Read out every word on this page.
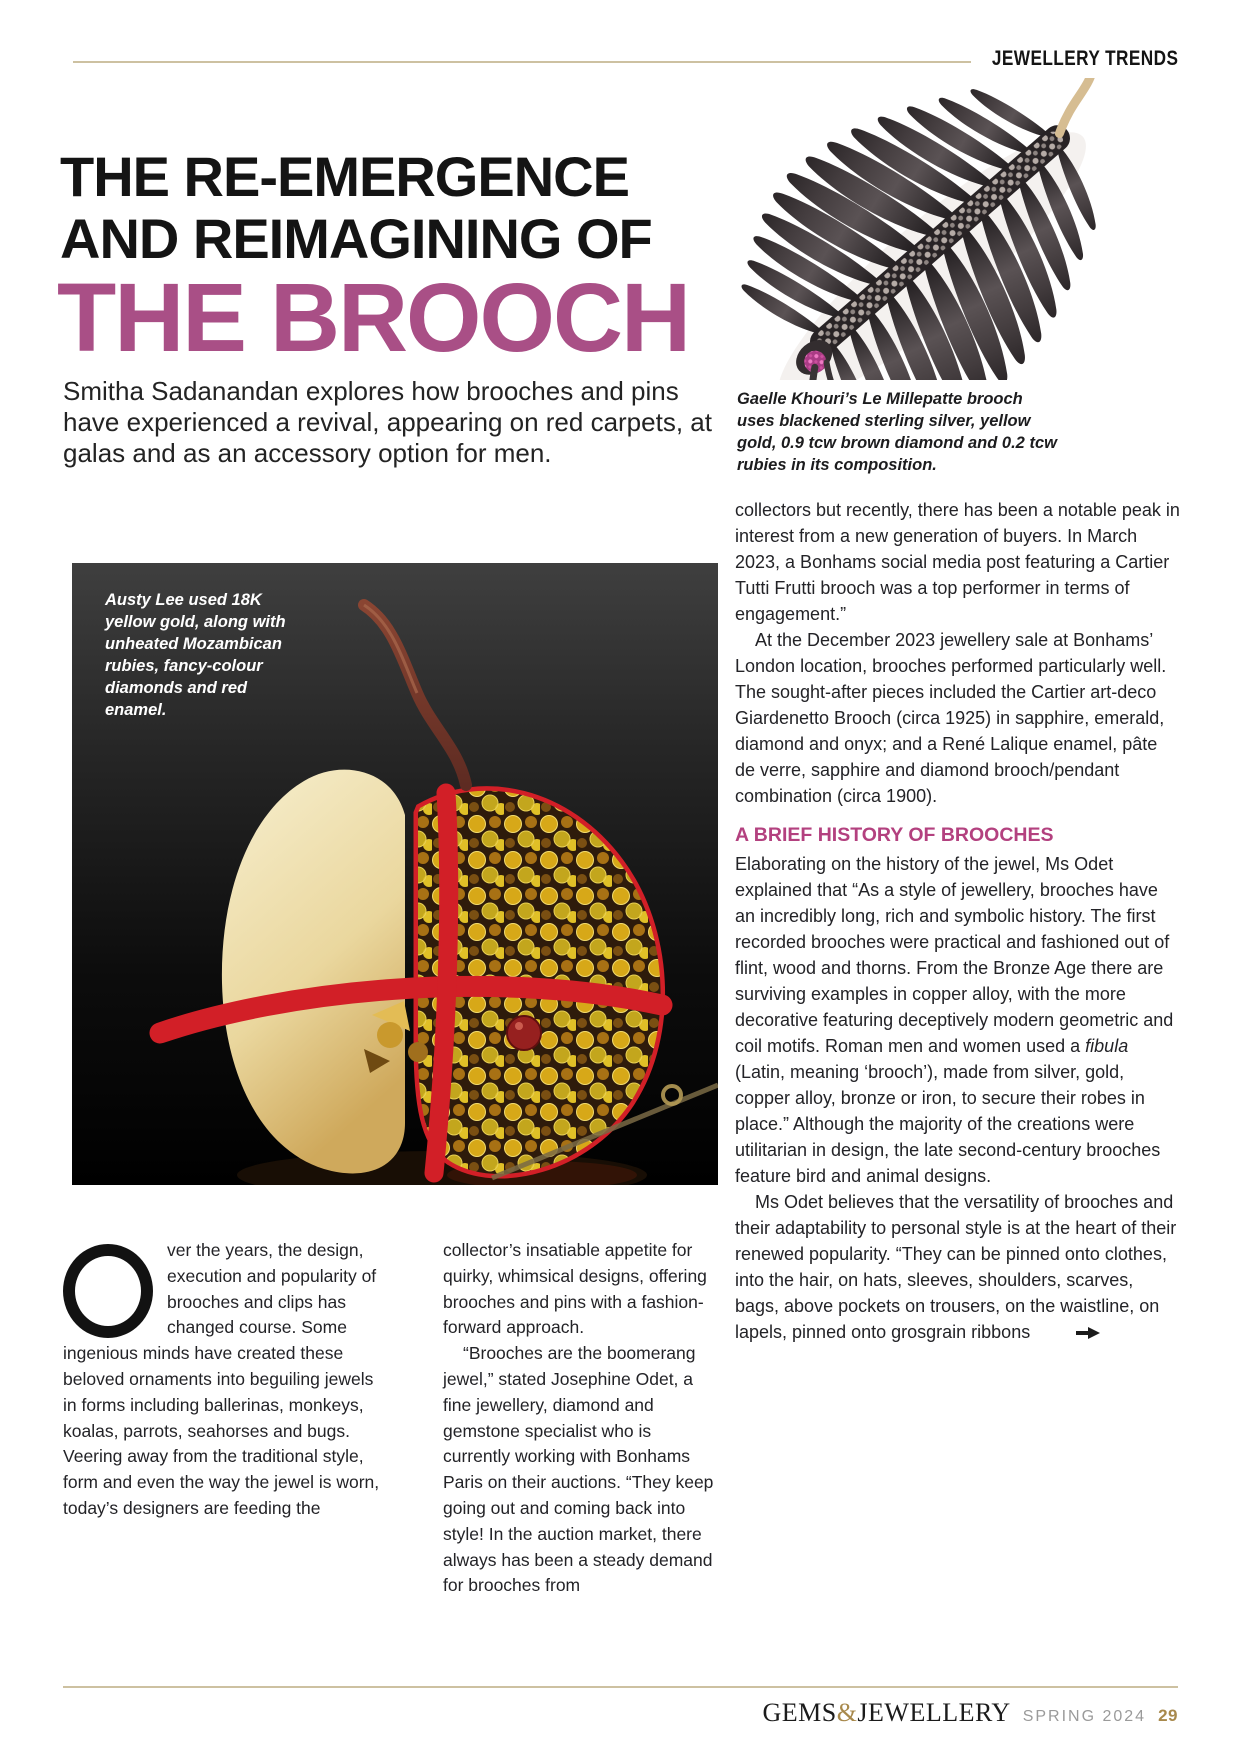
JEWELLERY TRENDS
THE RE-EMERGENCE
AND REIMAGINING OF
THE BROOCH

Smitha Sadanandan explores how brooches and pins have experienced a revival, appearing on red carpets, at galas and as an accessory option for men.

Gaelle Khouri’s Le Millepatte brooch uses blackened sterling silver, yellow gold, 0.9 tcw brown diamond and 0.2 tcw rubies in its composition.

Austy Lee used 18K yellow gold, along with unheated Mozambican rubies, fancy-colour diamonds and red enamel.

ver the years, the design, execution and popularity of brooches and clips has changed course. Some ingenious minds have created these beloved ornaments into beguiling jewels in forms including ballerinas, monkeys, koalas, parrots, seahorses and bugs. Veering away from the traditional style, form and even the way the jewel is worn, today’s designers are feeding the

collector’s insatiable appetite for quirky, whimsical designs, offering brooches and pins with a fashion-forward approach.

“Brooches are the boomerang jewel,” stated Josephine Odet, a fine jewellery, diamond and gemstone specialist who is currently working with Bonhams Paris on their auctions. “They keep going out and coming back into style! In the auction market, there always has been a steady demand for brooches from

collectors but recently, there has been a notable peak in interest from a new generation of buyers. In March 2023, a Bonhams social media post featuring a Cartier Tutti Frutti brooch was a top performer in terms of engagement.”

At the December 2023 jewellery sale at Bonhams’ London location, brooches performed particularly well. The sought-after pieces included the Cartier art-deco Giardenetto Brooch (circa 1925) in sapphire, emerald, diamond and onyx; and a René Lalique enamel, pâte de verre, sapphire and diamond brooch/pendant combination (circa 1900).

A BRIEF HISTORY OF BROOCHES

Elaborating on the history of the jewel, Ms Odet explained that “As a style of jewellery, brooches have an incredibly long, rich and symbolic history. The first recorded brooches were practical and fashioned out of flint, wood and thorns. From the Bronze Age there are surviving examples in copper alloy, with the more decorative featuring deceptively modern geometric and coil motifs. Roman men and women used a fibula (Latin, meaning ‘brooch’), made from silver, gold, copper alloy, bronze or iron, to secure their robes in place.” Although the majority of the creations were utilitarian in design, the late second-century brooches feature bird and animal designs.

Ms Odet believes that the versatility of brooches and their adaptability to personal style is at the heart of their renewed popularity. “They can be pinned onto clothes, into the hair, on hats, sleeves, shoulders, scarves, bags, above pockets on trousers, on the waistline, on lapels, pinned onto grosgrain ribbons

GEMS & JEWELLERY SPRING 2024 29
